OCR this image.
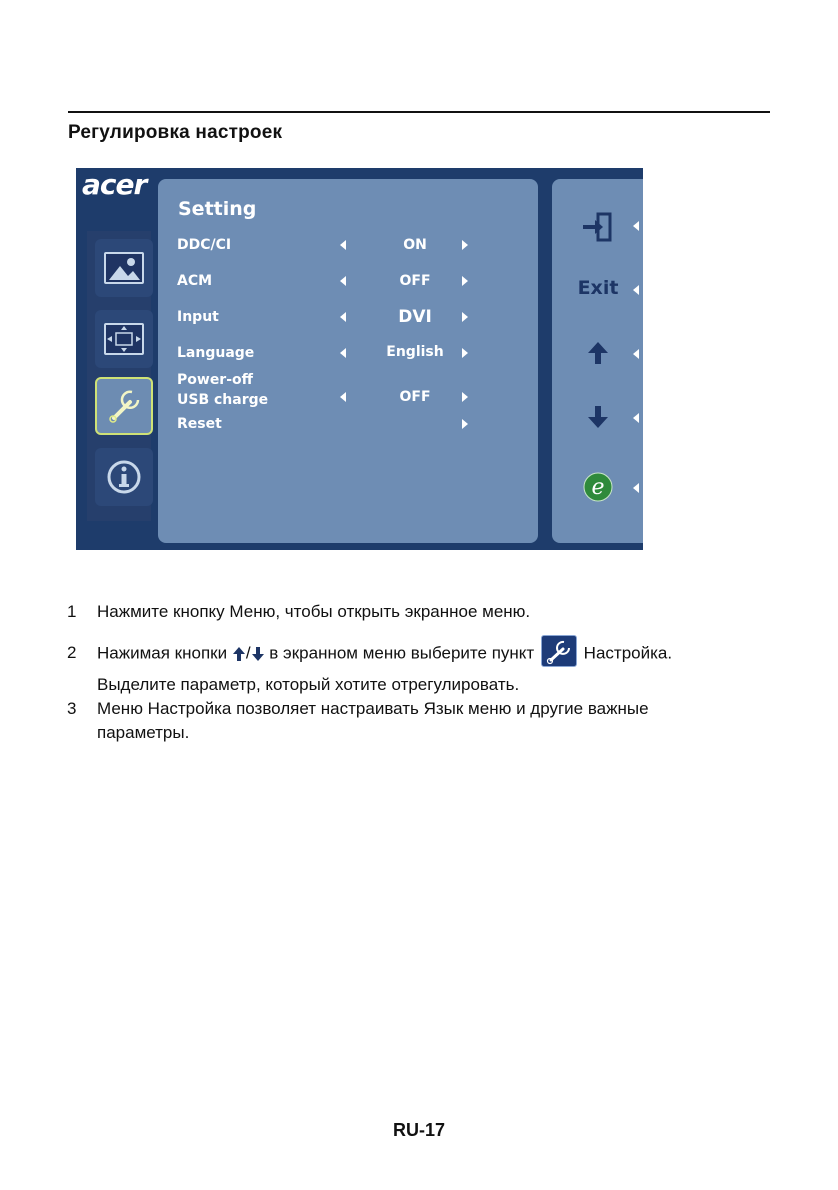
Регулировка настроек
acer
Setting
DDC/CI	ON
ACM	OFF
Input	DVI
Language	English
Power-off
USB charge	OFF
Reset
Exit
e
1 Нажмите кнопку Меню, чтобы открыть экранное меню.
2 Нажимая кнопки / в экранном меню выберите пункт	Настройка.
Выделите параметр, который хотите отрегулировать.
3 Меню Настройка позволяет настраивать Язык меню и другие важные
параметры.
RU-17
